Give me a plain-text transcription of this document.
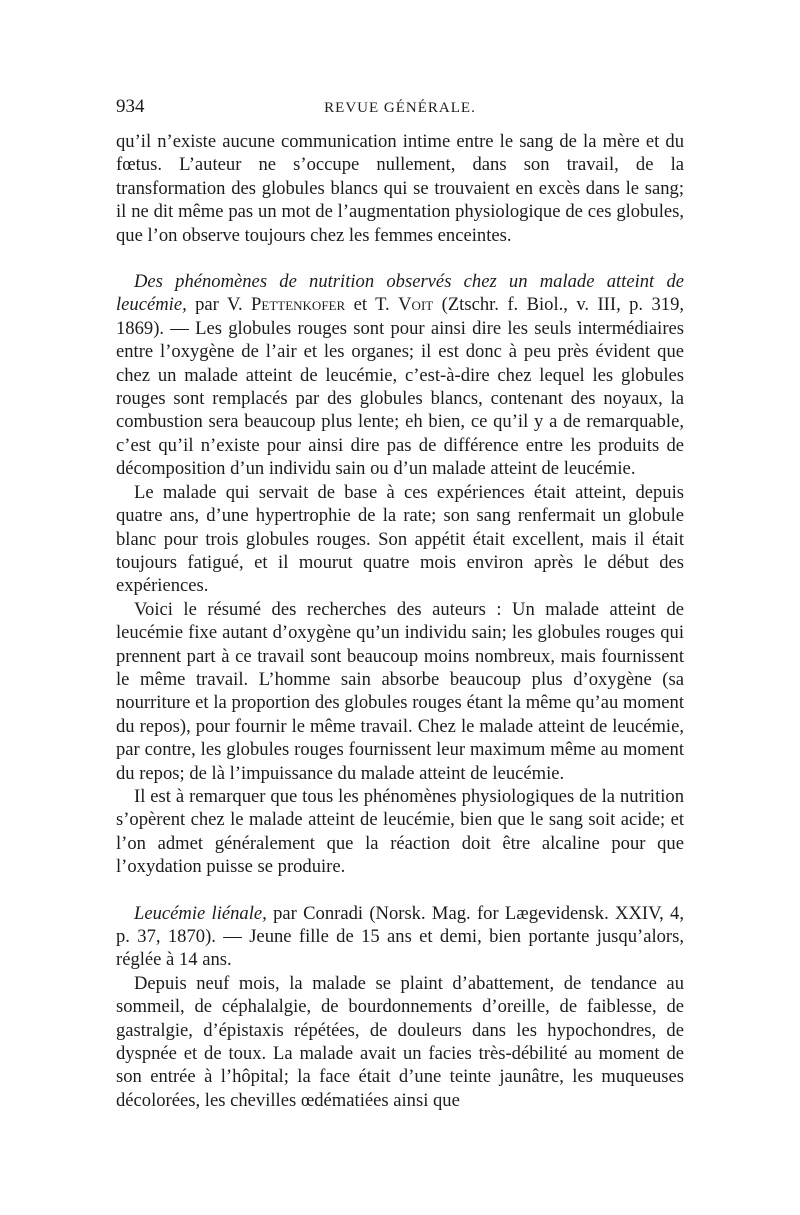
934	REVUE GÉNÉRALE.

qu’il n’existe aucune communication intime entre le sang de la mère et du fœtus. L’auteur ne s’occupe nullement, dans son travail, de la transformation des globules blancs qui se trouvaient en excès dans le sang; il ne dit même pas un mot de l’augmentation physiologique de ces globules, que l’on observe toujours chez les femmes enceintes.

Des phénomènes de nutrition observés chez un malade atteint de leucémie, par V. Pettenkofer et T. Voit (Ztschr. f. Biol., v. III, p. 319, 1869). — Les globules rouges sont pour ainsi dire les seuls intermédiaires entre l’oxygène de l’air et les organes; il est donc à peu près évident que chez un malade atteint de leucémie, c’est-à-dire chez lequel les globules rouges sont remplacés par des globules blancs, contenant des noyaux, la combustion sera beaucoup plus lente; eh bien, ce qu’il y a de remarquable, c’est qu’il n’existe pour ainsi dire pas de différence entre les produits de décomposition d’un individu sain ou d’un malade atteint de leucémie.

Le malade qui servait de base à ces expériences était atteint, depuis quatre ans, d’une hypertrophie de la rate; son sang renfermait un globule blanc pour trois globules rouges. Son appétit était excellent, mais il était toujours fatigué, et il mourut quatre mois environ après le début des expériences.

Voici le résumé des recherches des auteurs : Un malade atteint de leucémie fixe autant d’oxygène qu’un individu sain; les globules rouges qui prennent part à ce travail sont beaucoup moins nombreux, mais fournissent le même travail. L’homme sain absorbe beaucoup plus d’oxygène (sa nourriture et la proportion des globules rouges étant la même qu’au moment du repos), pour fournir le même travail. Chez le malade atteint de leucémie, par contre, les globules rouges fournissent leur maximum même au moment du repos; de là l’impuissance du malade atteint de leucémie.

Il est à remarquer que tous les phénomènes physiologiques de la nutrition s’opèrent chez le malade atteint de leucémie, bien que le sang soit acide; et l’on admet généralement que la réaction doit être alcaline pour que l’oxydation puisse se produire.

Leucémie liénale, par Conradi (Norsk. Mag. for Lægevidensk. XXIV, 4, p. 37, 1870). — Jeune fille de 15 ans et demi, bien portante jusqu’alors, réglée à 14 ans.

Depuis neuf mois, la malade se plaint d’abattement, de tendance au sommeil, de céphalalgie, de bourdonnements d’oreille, de faiblesse, de gastralgie, d’épistaxis répétées, de douleurs dans les hypochondres, de dyspnée et de toux. La malade avait un facies très-débilité au moment de son entrée à l’hôpital; la face était d’une teinte jaunâtre, les muqueuses décolorées, les chevilles œdématiées ainsi que
